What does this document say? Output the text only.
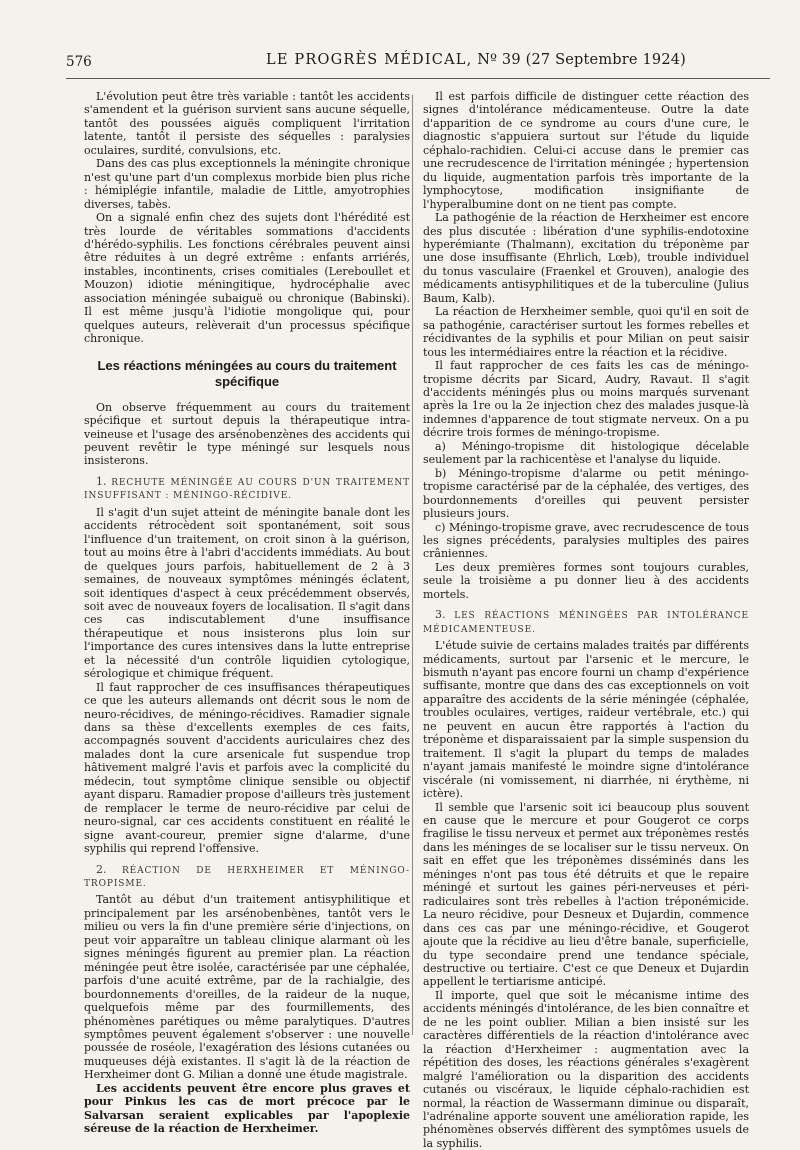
576	LE PROGRÈS MÉDICAL, Nº 39 (27 Septembre 1924)

L'évolution peut être très variable : tantôt les accidents s'amendent et la guérison survient sans aucune séquelle, tantôt des poussées aiguës compliquent l'irritation latente, tantôt il persiste des séquelles : paralysies oculaires, surdité, convulsions, etc.

Dans des cas plus exceptionnels la méningite chronique n'est qu'une part d'un complexus morbide bien plus riche : hémiplégie infantile, maladie de Little, amyotrophies diverses, tabès.

On a signalé enfin chez des sujets dont l'hérédité est très lourde de véritables sommations d'accidents d'hérédo-syphilis. Les fonctions cérébrales peuvent ainsi être réduites à un degré extrême : enfants arriérés, instables, incontinents, crises comitiales (Lereboullet et Mouzon) idiotie méningitique, hydrocéphalie avec association méningée subaiguë ou chronique (Babinski). Il est même jusqu'à l'idiotie mongolique qui, pour quelques auteurs, relèverait d'un processus spécifique chronique.

Les réactions méningées au cours du traitement spécifique

On observe fréquemment au cours du traitement spécifique et surtout depuis la thérapeutique intra-veineuse et l'usage des arsénobenzènes des accidents qui peuvent revêtir le type méningé sur lesquels nous insisterons.

1. RECHUTE MÉNINGÉE AU COURS D'UN TRAITEMENT INSUFFISANT : MÉNINGO-RÉCIDIVE.

Il s'agit d'un sujet atteint de méningite banale dont les accidents rétrocèdent soit spontanément, soit sous l'influence d'un traitement, on croit sinon à la guérison, tout au moins être à l'abri d'accidents immédiats. Au bout de quelques jours parfois, habituellement de 2 à 3 semaines, de nouveaux symptômes méningés éclatent, soit identiques d'aspect à ceux précédemment observés, soit avec de nouveaux foyers de localisation. Il s'agit dans ces cas indiscutablement d'une insuffisance thérapeutique et nous insisterons plus loin sur l'importance des cures intensives dans la lutte entreprise et la nécessité d'un contrôle liquidien cytologique, sérologique et chimique fréquent.

Il faut rapprocher de ces insuffisances thérapeutiques ce que les auteurs allemands ont décrit sous le nom de neuro-récidives, de méningo-récidives. Ramadier signale dans sa thèse d'excellents exemples de ces faits, accompagnés souvent d'accidents auriculaires chez des malades dont la cure arsenicale fut suspendue trop hâtivement malgré l'avis et parfois avec la complicité du médecin, tout symptôme clinique sensible ou objectif ayant disparu. Ramadier propose d'ailleurs très justement de remplacer le terme de neuro-récidive par celui de neuro-signal, car ces accidents constituent en réalité le signe avant-coureur, premier signe d'alarme, d'une syphilis qui reprend l'offensive.

2. RÉACTION DE HERXHEIMER ET MÉNINGO-TROPISME.

Tantôt au début d'un traitement antisyphilitique et principalement par les arsénobenbènes, tantôt vers le milieu ou vers la fin d'une première série d'injections, on peut voir apparaître un tableau clinique alarmant où les signes méningés figurent au premier plan. La réaction méningée peut être isolée, caractérisée par une céphalée, parfois d'une acuité extrême, par de la rachialgie, des bourdonnements d'oreilles, de la raideur de la nuque, quelquefois même par des fourmillements, des phénomènes parétiques ou même paralytiques. D'autres symptômes peuvent également s'observer : une nouvelle poussée de roséole, l'exagération des lésions cutanées ou muqueuses déjà existantes. Il s'agit là de la réaction de Herxheimer dont G. Milian a donné une étude magistrale.

Les accidents peuvent être encore plus graves et pour Pinkus les cas de mort précoce par le Salvarsan seraient explicables par l'apoplexie séreuse de la réaction de Herxheimer.

Il est parfois difficile de distinguer cette réaction des signes d'intolérance médicamenteuse. Outre la date d'apparition de ce syndrome au cours d'une cure, le diagnostic s'appuiera surtout sur l'étude du liquide céphalo-rachidien. Celui-ci accuse dans le premier cas une recrudescence de l'irritation méningée ; hypertension du liquide, augmentation parfois très importante de la lymphocytose, modification insignifiante de l'hyperalbumine dont on ne tient pas compte.

La pathogénie de la réaction de Herxheimer est encore des plus discutée : libération d'une syphilis-endotoxine hyperémiante (Thalmann), excitation du tréponème par une dose insuffisante (Ehrlich, Lœb), trouble individuel du tonus vasculaire (Fraenkel et Grouven), analogie des médicaments antisyphilitiques et de la tuberculine (Julius Baum, Kalb).

La réaction de Herxheimer semble, quoi qu'il en soit de sa pathogénie, caractériser surtout les formes rebelles et récidivantes de la syphilis et pour Milian on peut saisir tous les intermédiaires entre la réaction et la récidive.

Il faut rapprocher de ces faits les cas de méningo-tropisme décrits par Sicard, Audry, Ravaut. Il s'agit d'accidents méningés plus ou moins marqués survenant après la 1re ou la 2e injection chez des malades jusque-là indemnes d'apparence de tout stigmate nerveux. On a pu décrire trois formes de méningo-tropisme.

a) Méningo-tropisme dit histologique décelable seulement par la rachicentèse et l'analyse du liquide.

b) Méningo-tropisme d'alarme ou petit méningo-tropisme caractérisé par de la céphalée, des vertiges, des bourdonnements d'oreilles qui peuvent persister plusieurs jours.

c) Méningo-tropisme grave, avec recrudescence de tous les signes précédents, paralysies multiples des paires crâniennes.

Les deux premières formes sont toujours curables, seule la troisième a pu donner lieu à des accidents mortels.

3. LES RÉACTIONS MÉNINGÉES PAR INTOLÉRANCE MÉDICAMENTEUSE.

L'étude suivie de certains malades traités par différents médicaments, surtout par l'arsenic et le mercure, le bismuth n'ayant pas encore fourni un champ d'expérience suffisante, montre que dans des cas exceptionnels on voit apparaître des accidents de la série méningée (céphalée, troubles oculaires, vertiges, raideur vertébrale, etc.) qui ne peuvent en aucun être rapportés à l'action du tréponème et disparaissaient par la simple suspension du traitement. Il s'agit la plupart du temps de malades n'ayant jamais manifesté le moindre signe d'intolérance viscérale (ni vomissement, ni diarrhée, ni érythème, ni ictère).

Il semble que l'arsenic soit ici beaucoup plus souvent en cause que le mercure et pour Gougerot ce corps fragilise le tissu nerveux et permet aux tréponèmes restés dans les méninges de se localiser sur le tissu nerveux. On sait en effet que les tréponèmes disséminés dans les méninges n'ont pas tous été détruits et que le repaire méningé et surtout les gaines péri-nerveuses et péri-radiculaires sont très rebelles à l'action tréponémicide. La neuro récidive, pour Desneux et Dujardin, commence dans ces cas par une méningo-récidive, et Gougerot ajoute que la récidive au lieu d'être banale, superficielle, du type secondaire prend une tendance spéciale, destructive ou tertiaire. C'est ce que Deneux et Dujardin appellent le tertiarisme anticipé.

Il importe, quel que soit le mécanisme intime des accidents méningés d'intolérance, de les bien connaître et de ne les point oublier. Milian a bien insisté sur les caractères différentiels de la réaction d'intolérance avec la réaction d'Herxheimer : augmentation avec la répétition des doses, les réactions générales s'exagèrent malgré l'amélioration ou la disparition des accidents cutanés ou viscéraux, le liquide céphalo-rachidien est normal, la réaction de Wassermann diminue ou disparaît, l'adrénaline apporte souvent une amélioration rapide, les phénomènes observés diffèrent des symptômes usuels de la syphilis.
